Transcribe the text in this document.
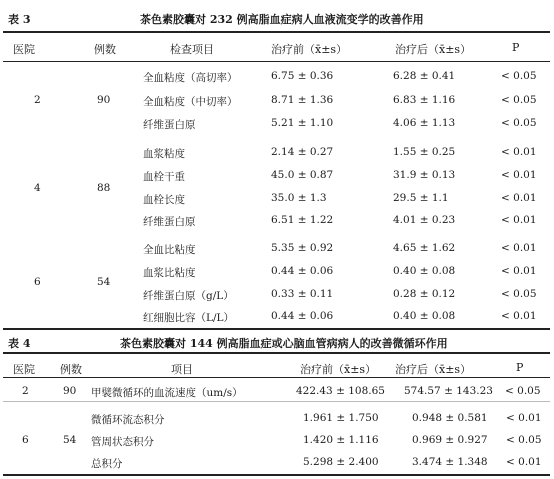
表 3	茶色素胶囊对 232 例高脂血症病人血液流变学的改善作用
医院	例数	检查项目	治疗前（x̄±s）	治疗后（x̄±s）	P
2	90
全血粘度（高切率）	6.75 ± 0.36	6.28 ± 0.41	< 0.05
全血粘度（中切率）	8.71 ± 1.36	6.83 ± 1.16	< 0.05
纤维蛋白原	5.21 ± 1.10	4.06 ± 1.13	< 0.05
4	88
血浆粘度	2.14 ± 0.27	1.55 ± 0.25	< 0.01
血栓干重	45.0 ± 0.87	31.9 ± 0.13	< 0.01
血栓长度	35.0 ± 1.3	29.5 ± 1.1	< 0.01
纤维蛋白原	6.51 ± 1.22	4.01 ± 0.23	< 0.01
6	54
全血比粘度	5.35 ± 0.92	4.65 ± 1.62	< 0.01
血浆比粘度	0.44 ± 0.06	0.40 ± 0.08	< 0.01
纤维蛋白原（g/L）	0.33 ± 0.11	0.28 ± 0.12	< 0.05
红细胞比容（L/L）	0.44 ± 0.06	0.40 ± 0.08	< 0.01
表 4	茶色素胶囊对 144 例高脂血症或心脑血管病病人的改善微循环作用
医院 例数	项目	治疗前（x̄±s） 治疗后（x̄±s）	P
2	90 甲襞微循环的血流速度（um/s）	422.43 ± 108.65 574.57 ± 143.23 < 0.05
6	54
微循环流态积分	1.961 ± 1.750	0.948 ± 0.581 < 0.01
管周状态积分	1.420 ± 1.116	0.969 ± 0.927 < 0.05
总积分	5.298 ± 2.400	3.474 ± 1.348 < 0.01
